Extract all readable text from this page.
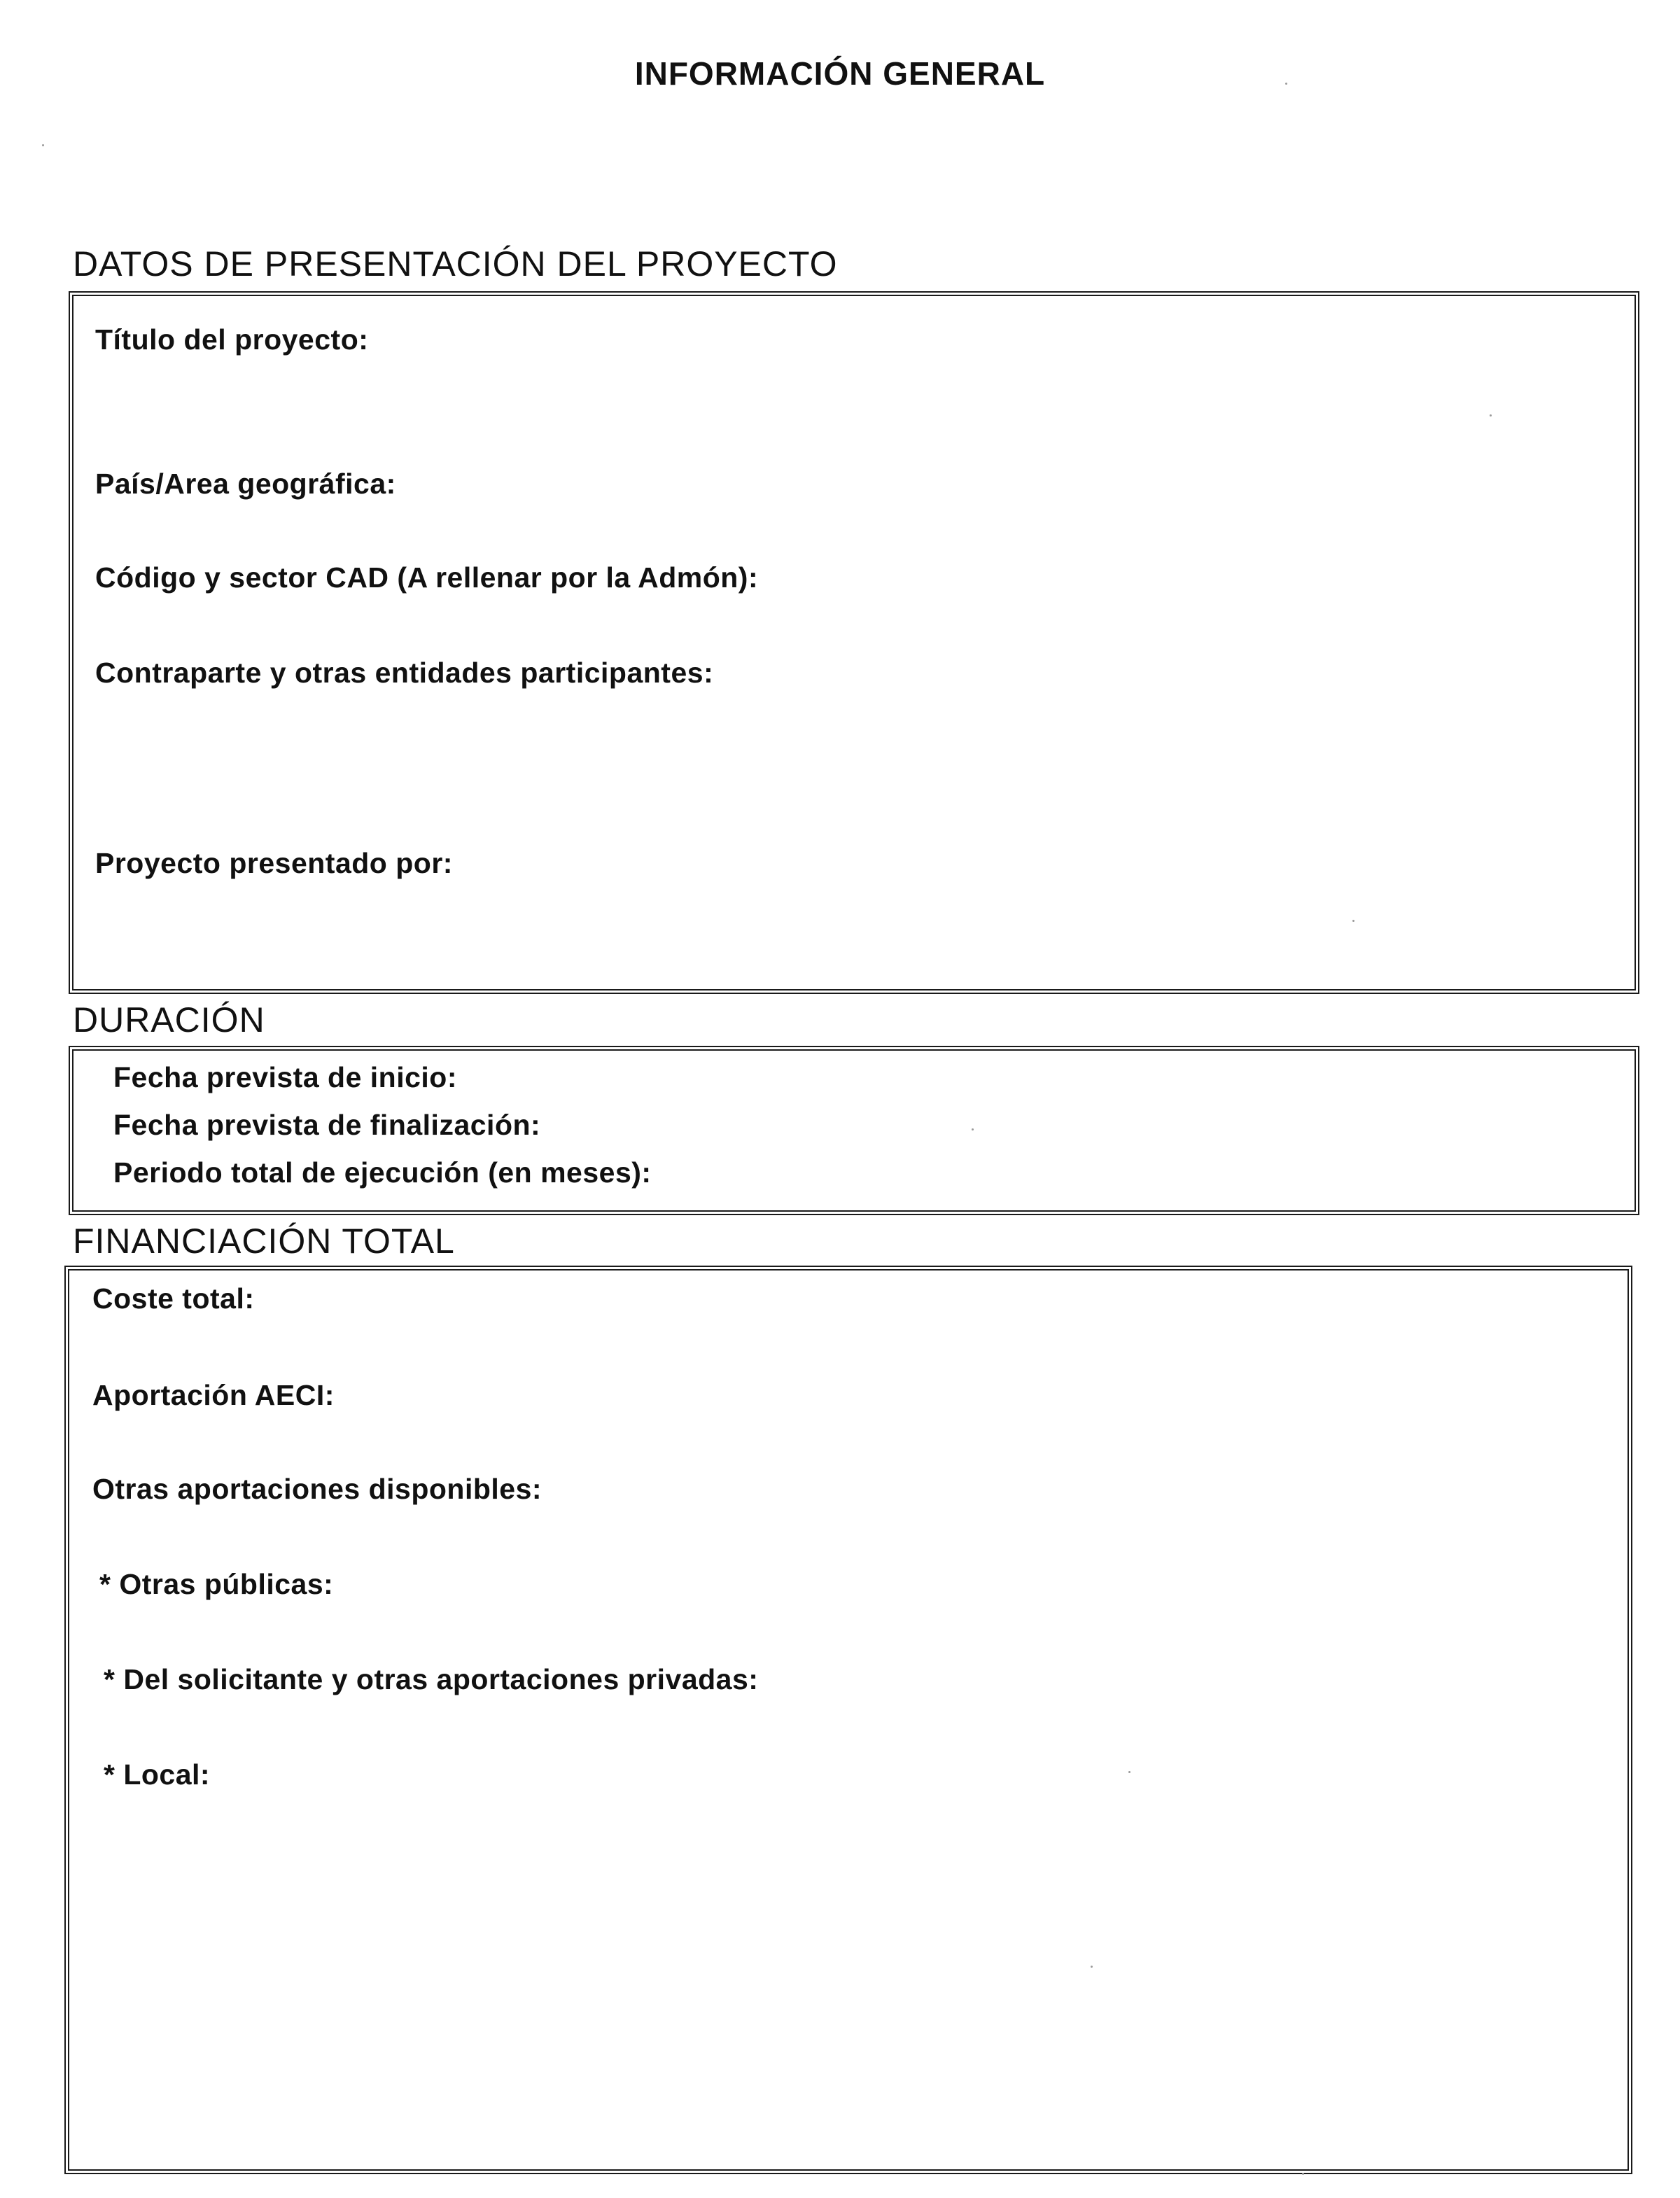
INFORMACIÓN GENERAL
DATOS DE PRESENTACIÓN DEL PROYECTO
Título del proyecto:
País/Area geográfica:
Código y sector CAD (A rellenar por la Admón):
Contraparte y otras entidades participantes:
Proyecto presentado por:
DURACIÓN
Fecha prevista de inicio:
Fecha prevista de finalización:
Periodo total de ejecución (en meses):
FINANCIACIÓN TOTAL
Coste total:
Aportación AECI:
Otras aportaciones disponibles:
* Otras públicas:
* Del solicitante y otras aportaciones privadas:
* Local:
